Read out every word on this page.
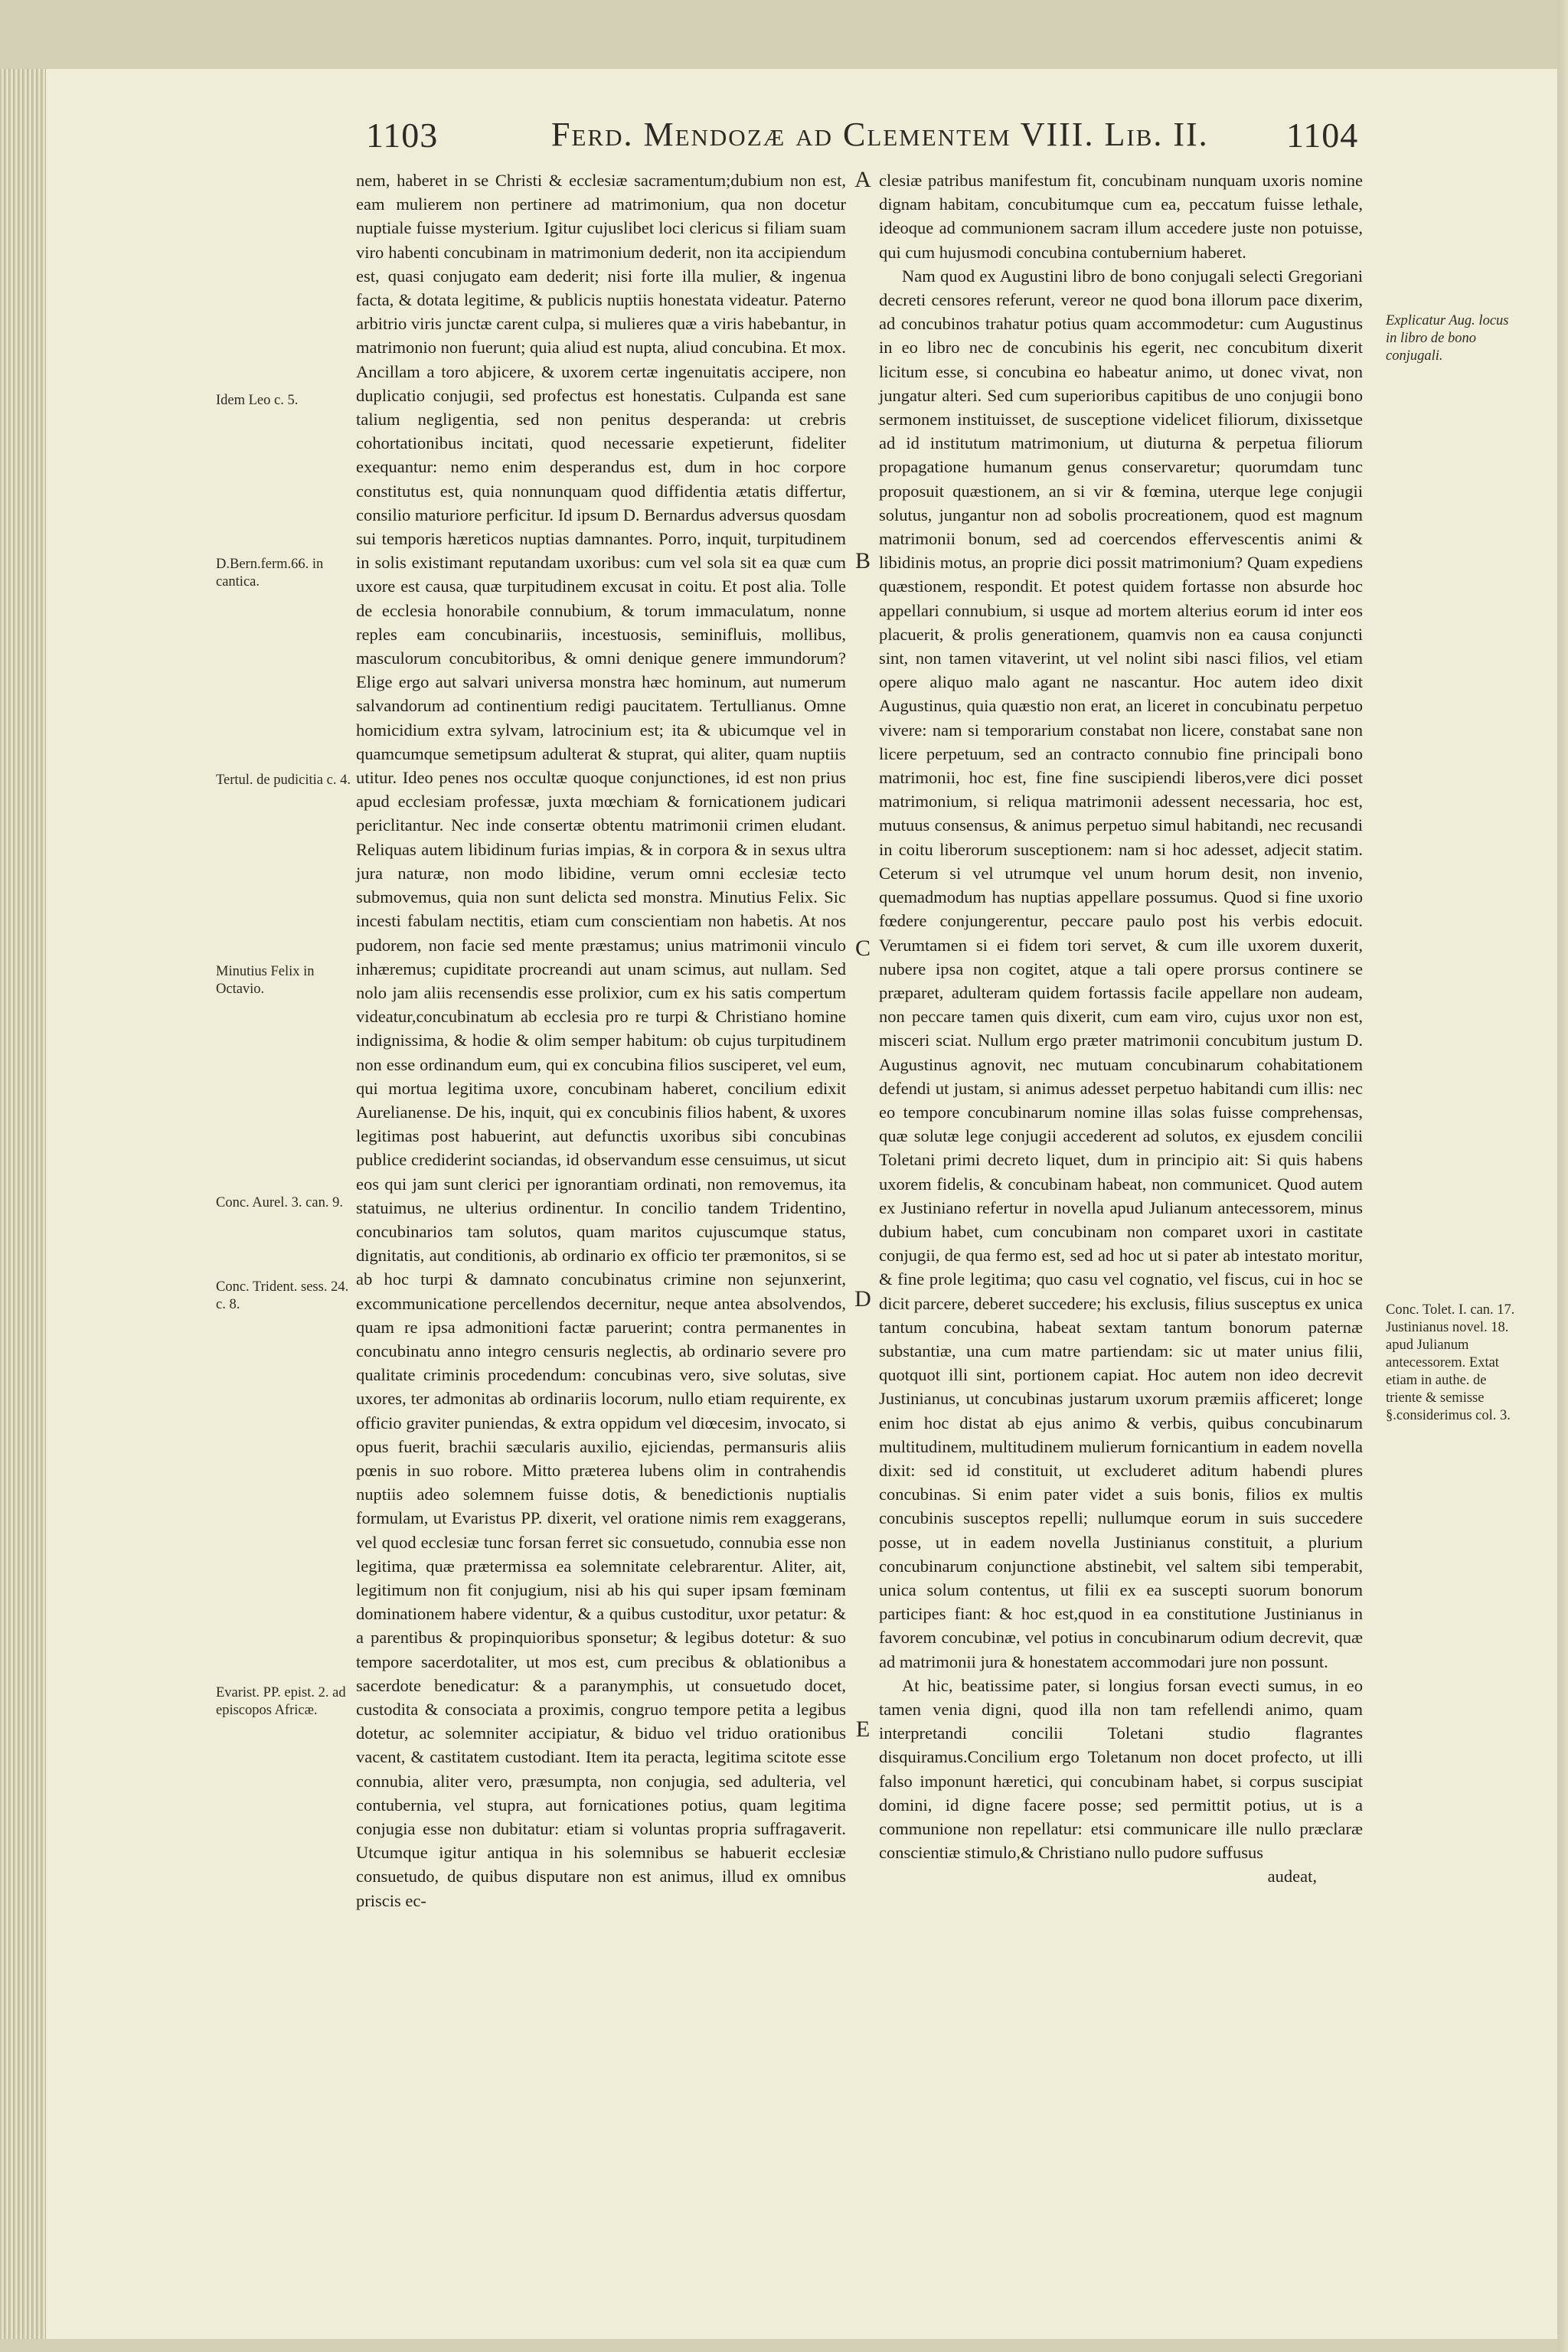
1103	Ferd. Mendozæ ad Clementem VIII. Lib. II. 1104
Idem Leo c. 5.
D.Bern.ferm.66. in cantica.
Tertul. de pudicitia c. 4.
Minutius Felix in Octavio.
Conc. Aurel. 3. can. 9.
Conc. Trident. sess. 24. c. 8.
Evarist. PP. epist. 2. ad episcopos Africæ.
A
B
C
D
E

nem, haberet in se Christi & ecclesiæ sacramentum;dubium non est, eam mulierem non pertinere ad matrimonium, qua non docetur nuptiale fuisse mysterium. Igitur cujuslibet loci clericus si filiam suam viro habenti concubinam in matrimonium dederit, non ita accipiendum est, quasi conjugato eam dederit; nisi forte illa mulier, & ingenua facta, & dotata legitime, & publicis nuptiis honestata videatur. Paterno arbitrio viris junctæ carent culpa, si mulieres quæ a viris habebantur, in matrimonio non fuerunt; quia aliud est nupta, aliud concubina. Et mox. Ancillam a toro abjicere, & uxorem certæ ingenuitatis accipere, non duplicatio conjugii, sed profectus est honestatis. Culpanda est sane talium negligentia, sed non penitus desperanda: ut crebris cohortationibus incitati, quod necessarie expetierunt, fideliter exequantur: nemo enim desperandus est, dum in hoc corpore constitutus est, quia nonnunquam quod diffidentia ætatis differtur, consilio maturiore perficitur. Id ipsum D. Bernardus adversus quosdam sui temporis hæreticos nuptias damnantes. Porro, inquit, turpitudinem in solis existimant reputandam uxoribus: cum vel sola sit ea quæ cum uxore est causa, quæ turpitudinem excusat in coitu. Et post alia. Tolle de ecclesia honorabile connubium, & torum immaculatum, nonne reples eam concubinariis, incestuosis, seminifluis, mollibus, masculorum concubitoribus, & omni denique genere immundorum? Elige ergo aut salvari universa monstra hæc hominum, aut numerum salvandorum ad continentium redigi paucitatem. Tertullianus. Omne homicidium extra sylvam, latrocinium est; ita & ubicumque vel in quamcumque semetipsum adulterat & stuprat, qui aliter, quam nuptiis utitur. Ideo penes nos occultæ quoque conjunctiones, id est non prius apud ecclesiam professæ, juxta mœchiam & fornicationem judicari periclitantur. Nec inde consertæ obtentu matrimonii crimen eludant. Reliquas autem libidinum furias impias, & in corpora & in sexus ultra jura naturæ, non modo libidine, verum omni ecclesiæ tecto submovemus, quia non sunt delicta sed monstra. Minutius Felix. Sic incesti fabulam nectitis, etiam cum conscientiam non habetis. At nos pudorem, non facie sed mente præstamus; unius matrimonii vinculo inhæremus; cupiditate procreandi aut unam scimus, aut nullam. Sed nolo jam aliis recensendis esse prolixior, cum ex his satis compertum videatur,concubinatum ab ecclesia pro re turpi & Christiano homine indignissima, & hodie & olim semper habitum: ob cujus turpitudinem non esse ordinandum eum, qui ex concubina filios susciperet, vel eum, qui mortua legitima uxore, concubinam haberet, concilium edixit Aurelianense. De his, inquit, qui ex concubinis filios habent, & uxores legitimas post habuerint, aut defunctis uxoribus sibi concubinas publice crediderint sociandas, id observandum esse censuimus, ut sicut eos qui jam sunt clerici per ignorantiam ordinati, non removemus, ita statuimus, ne ulterius ordinentur. In concilio tandem Tridentino, concubinarios tam solutos, quam maritos cujuscumque status, dignitatis, aut conditionis, ab ordinario ex officio ter præmonitos, si se ab hoc turpi & damnato concubinatus crimine non sejunxerint, excommunicatione percellendos decernitur, neque antea absolvendos, quam re ipsa admonitioni factæ paruerint; contra permanentes in concubinatu anno integro censuris neglectis, ab ordinario severe pro qualitate criminis procedendum: concubinas vero, sive solutas, sive uxores, ter admonitas ab ordinariis locorum, nullo etiam requirente, ex officio graviter puniendas, & extra oppidum vel diœcesim, invocato, si opus fuerit, brachii sæcularis auxilio, ejiciendas, permansuris aliis pœnis in suo robore. Mitto præterea lubens olim in contrahendis nuptiis adeo solemnem fuisse dotis, & benedictionis nuptialis formulam, ut Evaristus PP. dixerit, vel oratione nimis rem exaggerans, vel quod ecclesiæ tunc forsan ferret sic consuetudo, connubia esse non legitima, quæ prætermissa ea solemnitate celebrarentur. Aliter, ait, legitimum non fit conjugium, nisi ab his qui super ipsam fœminam dominationem habere videntur, & a quibus custoditur, uxor petatur: & a parentibus & propinquioribus sponsetur; & legibus dotetur: & suo tempore sacerdotaliter, ut mos est, cum precibus & oblationibus a sacerdote benedicatur: & a paranymphis, ut consuetudo docet, custodita & consociata a proximis, congruo tempore petita a legibus dotetur, ac solemniter accipiatur, & biduo vel triduo orationibus vacent, & castitatem custodiant. Item ita peracta, legitima scitote esse connubia, aliter vero, præsumpta, non conjugia, sed adulteria, vel contubernia, vel stupra, aut fornicationes potius, quam legitima conjugia esse non dubitatur: etiam si voluntas propria suffragaverit. Utcumque igitur antiqua in his solemnibus se habuerit ecclesiæ consuetudo, de quibus disputare non est animus, illud ex omnibus priscis ec-

clesiæ patribus manifestum fit, concubinam nunquam uxoris nomine dignam habitam, concubitumque cum ea, peccatum fuisse lethale, ideoque ad communionem sacram illum accedere juste non potuisse, qui cum hujusmodi concubina contubernium haberet.

Nam quod ex Augustini libro de bono conjugali selecti Gregoriani decreti censores referunt, vereor ne quod bona illorum pace dixerim, ad concubinos trahatur potius quam accommodetur: cum Augustinus in eo libro nec de concubinis his egerit, nec concubitum dixerit licitum esse, si concubina eo habeatur animo, ut donec vivat, non jungatur alteri. Sed cum superioribus capitibus de uno conjugii bono sermonem instituisset, de susceptione videlicet filiorum, dixissetque ad id institutum matrimonium, ut diuturna & perpetua filiorum propagatione humanum genus conservaretur; quorumdam tunc proposuit quæstionem, an si vir & fœmina, uterque lege conjugii solutus, jungantur non ad sobolis procreationem, quod est magnum matrimonii bonum, sed ad coercendos effervescentis animi & libidinis motus, an proprie dici possit matrimonium? Quam expediens quæstionem, respondit. Et potest quidem fortasse non absurde hoc appellari connubium, si usque ad mortem alterius eorum id inter eos placuerit, & prolis generationem, quamvis non ea causa conjuncti sint, non tamen vitaverint, ut vel nolint sibi nasci filios, vel etiam opere aliquo malo agant ne nascantur. Hoc autem ideo dixit Augustinus, quia quæstio non erat, an liceret in concubinatu perpetuo vivere: nam si temporarium constabat non licere, constabat sane non licere perpetuum, sed an contracto connubio fine principali bono matrimonii, hoc est, fine fine suscipiendi liberos,vere dici posset matrimonium, si reliqua matrimonii adessent necessaria, hoc est, mutuus consensus, & animus perpetuo simul habitandi, nec recusandi in coitu liberorum susceptionem: nam si hoc adesset, adjecit statim. Ceterum si vel utrumque vel unum horum desit, non invenio, quemadmodum has nuptias appellare possumus. Quod si fine uxorio fœdere conjungerentur, peccare paulo post his verbis edocuit. Verumtamen si ei fidem tori servet, & cum ille uxorem duxerit, nubere ipsa non cogitet, atque a tali opere prorsus continere se præparet, adulteram quidem fortassis facile appellare non audeam, non peccare tamen quis dixerit, cum eam viro, cujus uxor non est, misceri sciat. Nullum ergo præter matrimonii concubitum justum D. Augustinus agnovit, nec mutuam concubinarum cohabitationem defendi ut justam, si animus adesset perpetuo habitandi cum illis: nec eo tempore concubinarum nomine illas solas fuisse comprehensas, quæ solutæ lege conjugii accederent ad solutos, ex ejusdem concilii Toletani primi decreto liquet, dum in principio ait: Si quis habens uxorem fidelis, & concubinam habeat, non communicet. Quod autem ex Justiniano refertur in novella apud Julianum antecessorem, minus dubium habet, cum concubinam non comparet uxori in castitate conjugii, de qua fermo est, sed ad hoc ut si pater ab intestato moritur, & fine prole legitima; quo casu vel cognatio, vel fiscus, cui in hoc se dicit parcere, deberet succedere; his exclusis, filius susceptus ex unica tantum concubina, habeat sextam tantum bonorum paternæ substantiæ, una cum matre partiendam: sic ut mater unius filii, quotquot illi sint, portionem capiat. Hoc autem non ideo decrevit Justinianus, ut concubinas justarum uxorum præmiis afficeret; longe enim hoc distat ab ejus animo & verbis, quibus concubinarum multitudinem, multitudinem mulierum fornicantium in eadem novella dixit: sed id constituit, ut excluderet aditum habendi plures concubinas. Si enim pater videt a suis bonis, filios ex multis concubinis susceptos repelli; nullumque eorum in suis succedere posse, ut in eadem novella Justinianus constituit, a plurium concubinarum conjunctione abstinebit, vel saltem sibi temperabit, unica solum contentus, ut filii ex ea suscepti suorum bonorum participes fiant: & hoc est,quod in ea constitutione Justinianus in favorem concubinæ, vel potius in concubinarum odium decrevit, quæ ad matrimonii jura & honestatem accommodari jure non possunt.

At hic, beatissime pater, si longius forsan evecti sumus, in eo tamen venia digni, quod illa non tam refellendi animo, quam interpretandi concilii Toletani studio flagrantes disquiramus.Concilium ergo Toletanum non docet profecto, ut illi falso imponunt hæretici, qui concubinam habet, si corpus suscipiat domini, id digne facere posse; sed permittit potius, ut is a communione non repellatur: etsi communicare ille nullo præclaræ conscientiæ stimulo,& Christiano nullo pudore suffusus

audeat,

Explicatur Aug. locus in libro de bono conjugali.
Conc. Tolet. I. can. 17. Justinianus novel. 18. apud Julianum antecessorem. Extat etiam in authe. de triente & semisse §.considerimus col. 3.
